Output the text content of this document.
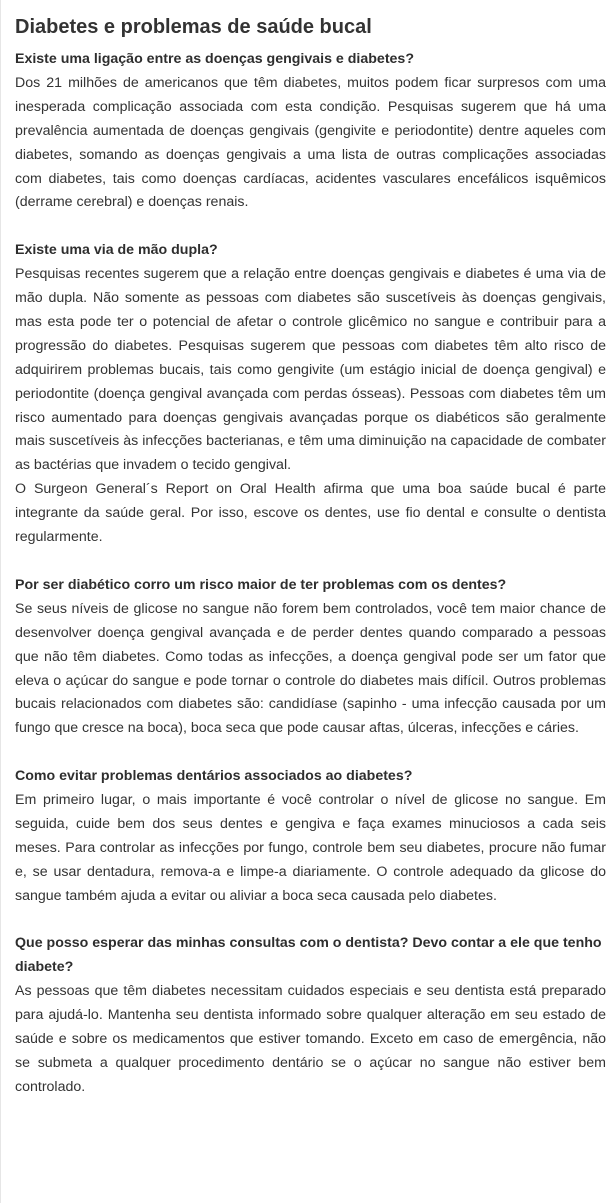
Diabetes e problemas de saúde bucal
Existe uma ligação entre as doenças gengivais e diabetes?

Dos 21 milhões de americanos que têm diabetes, muitos podem ficar surpresos com uma inesperada complicação associada com esta condição. Pesquisas sugerem que há uma prevalência aumentada de doenças gengivais (gengivite e periodontite) dentre aqueles com diabetes, somando as doenças gengivais a uma lista de outras complicações associadas com diabetes, tais como doenças cardíacas, acidentes vasculares encefálicos isquêmicos (derrame cerebral) e doenças renais.

Existe uma via de mão dupla?

Pesquisas recentes sugerem que a relação entre doenças gengivais e diabetes é uma via de mão dupla. Não somente as pessoas com diabetes são suscetíveis às doenças gengivais, mas esta pode ter o potencial de afetar o controle glicêmico no sangue e contribuir para a progressão do diabetes. Pesquisas sugerem que pessoas com diabetes têm alto risco de adquirirem problemas bucais, tais como gengivite (um estágio inicial de doença gengival) e periodontite (doença gengival avançada com perdas ósseas). Pessoas com diabetes têm um risco aumentado para doenças gengivais avançadas porque os diabéticos são geralmente mais suscetíveis às infecções bacterianas, e têm uma diminuição na capacidade de combater as bactérias que invadem o tecido gengival.

O Surgeon General´s Report on Oral Health afirma que uma boa saúde bucal é parte integrante da saúde geral. Por isso, escove os dentes, use fio dental e consulte o dentista regularmente.

Por ser diabético corro um risco maior de ter problemas com os dentes?

Se seus níveis de glicose no sangue não forem bem controlados, você tem maior chance de desenvolver doença gengival avançada e de perder dentes quando comparado a pessoas que não têm diabetes. Como todas as infecções, a doença gengival pode ser um fator que eleva o açúcar do sangue e pode tornar o controle do diabetes mais difícil. Outros problemas bucais relacionados com diabetes são: candidíase (sapinho - uma infecção causada por um fungo que cresce na boca), boca seca que pode causar aftas, úlceras, infecções e cáries.

Como evitar problemas dentários associados ao diabetes?

Em primeiro lugar, o mais importante é você controlar o nível de glicose no sangue. Em seguida, cuide bem dos seus dentes e gengiva e faça exames minuciosos a cada seis meses. Para controlar as infecções por fungo, controle bem seu diabetes, procure não fumar e, se usar dentadura, remova-a e limpe-a diariamente. O controle adequado da glicose do sangue também ajuda a evitar ou aliviar a boca seca causada pelo diabetes.

Que posso esperar das minhas consultas com o dentista? Devo contar a ele que tenho diabete?

As pessoas que têm diabetes necessitam cuidados especiais e seu dentista está preparado para ajudá-lo. Mantenha seu dentista informado sobre qualquer alteração em seu estado de saúde e sobre os medicamentos que estiver tomando. Exceto em caso de emergência, não se submeta a qualquer procedimento dentário se o açúcar no sangue não estiver bem controlado.
